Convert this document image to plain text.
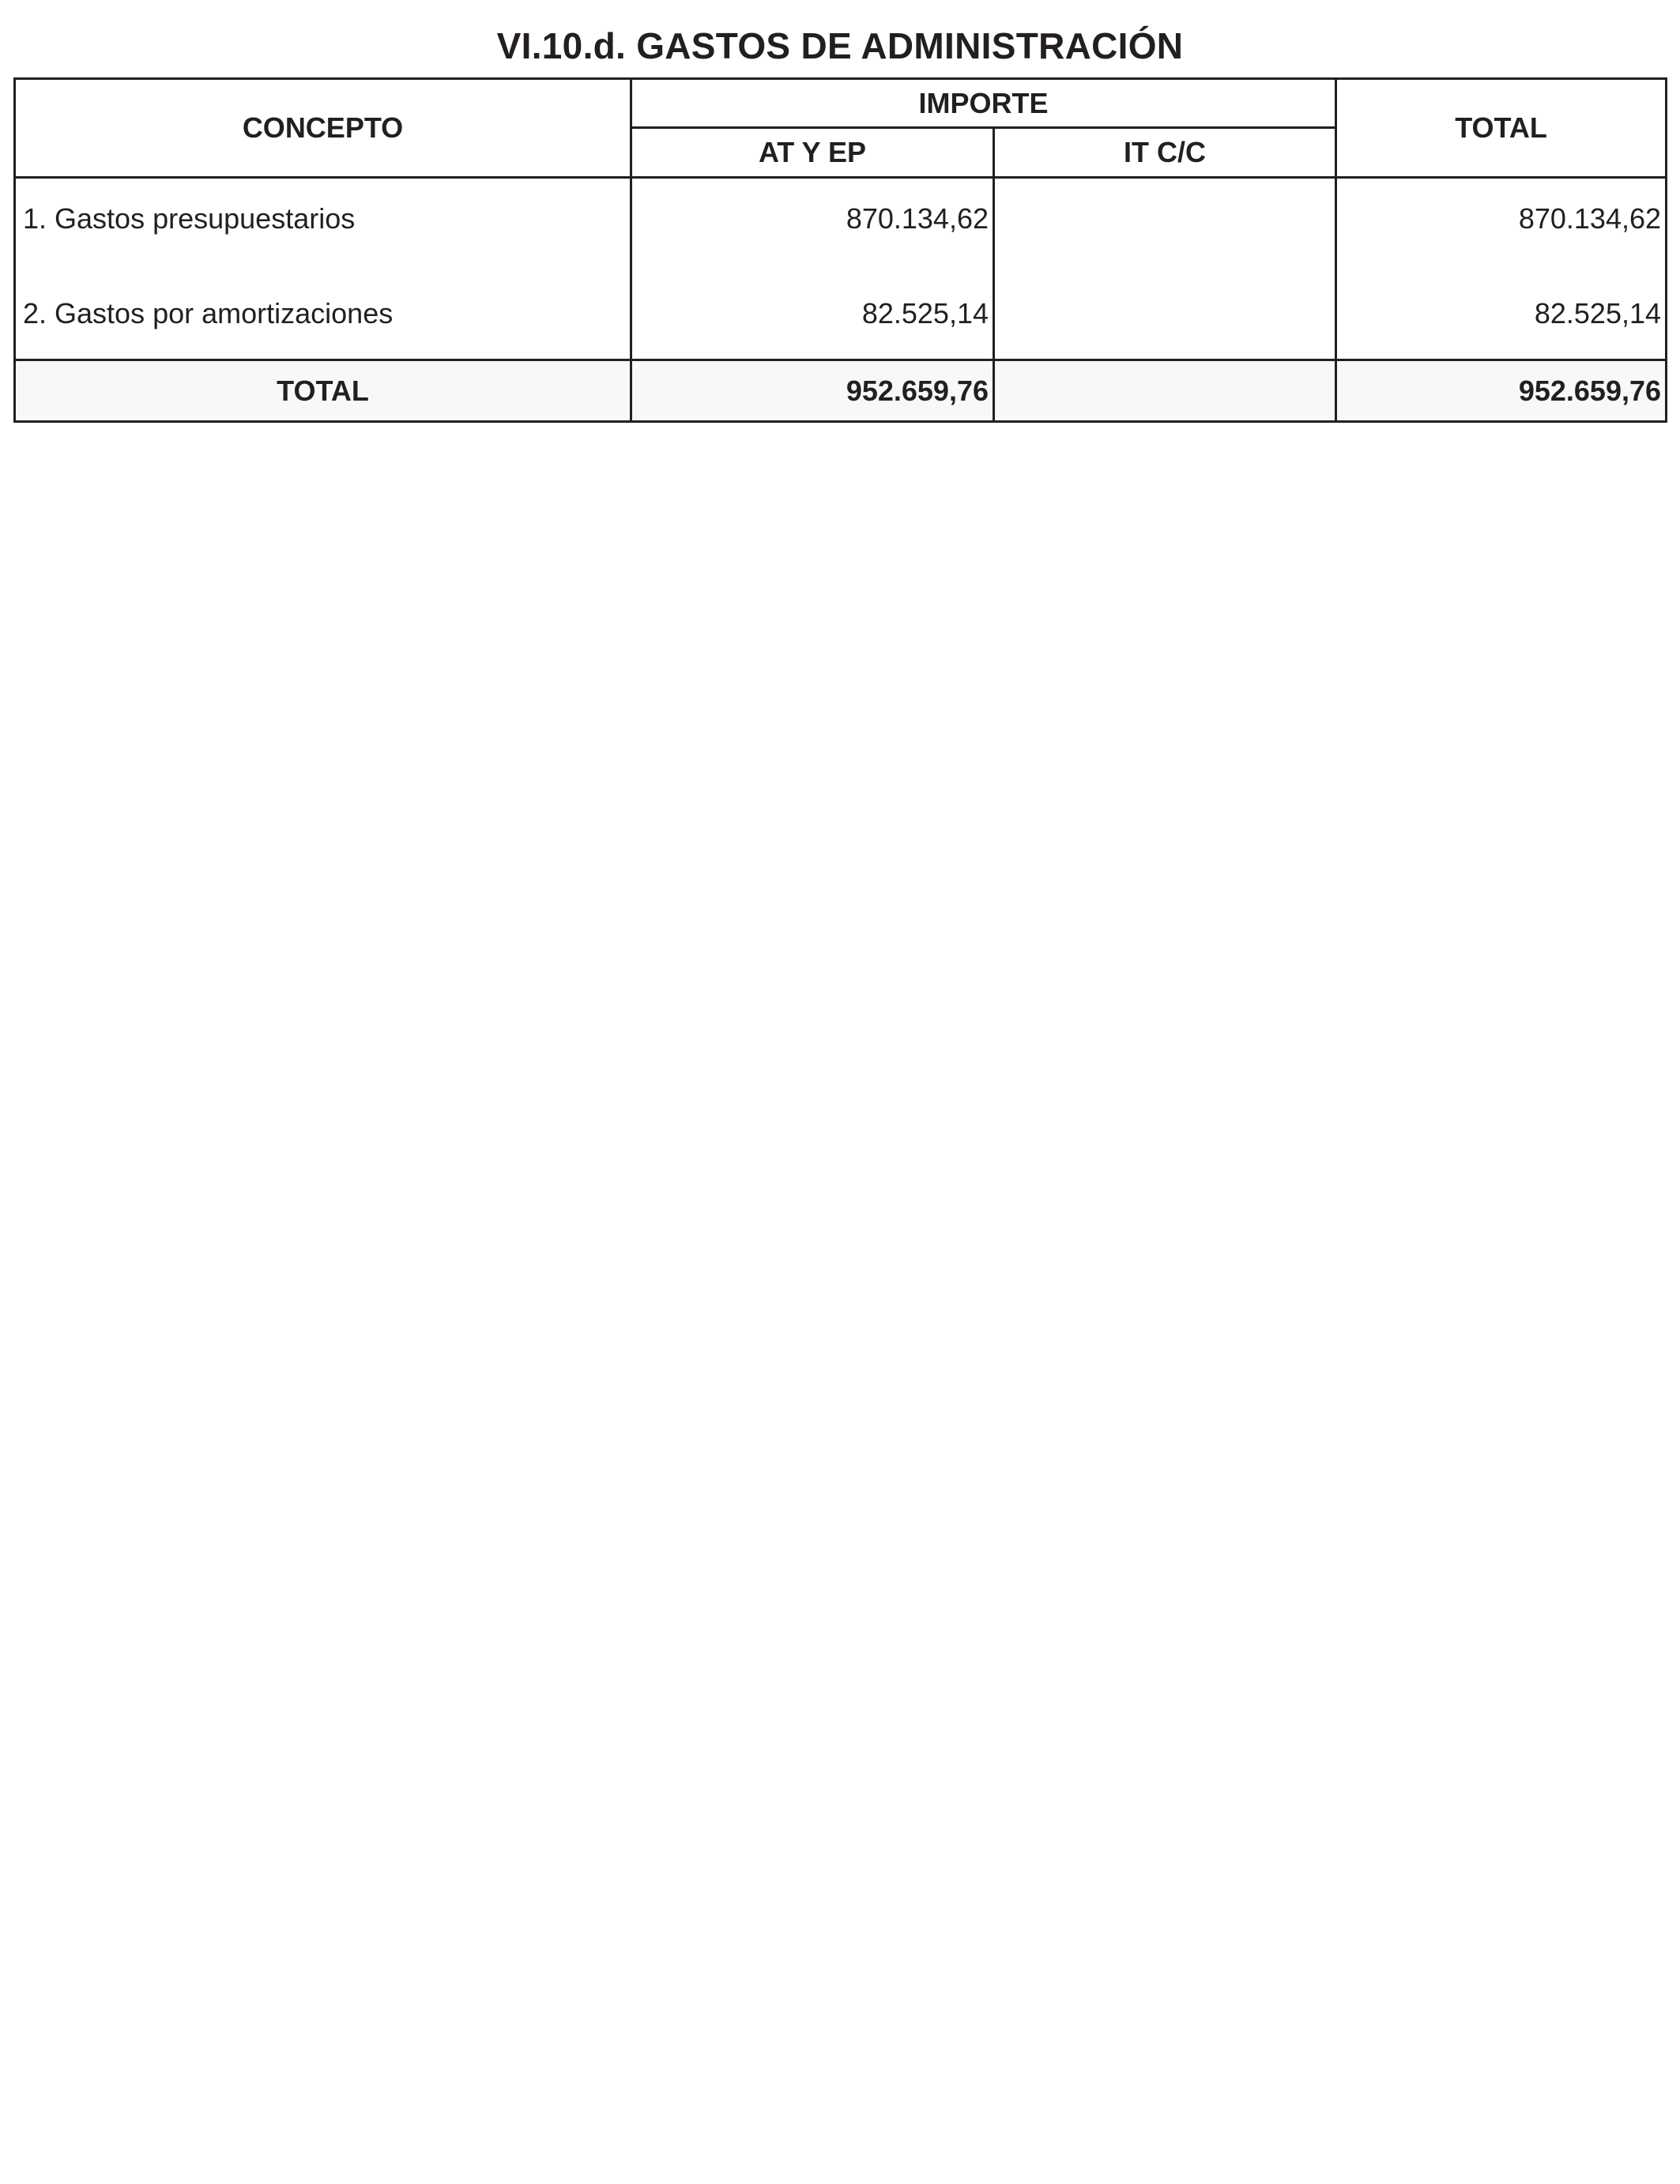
VI.10.d. GASTOS DE ADMINISTRACIÓN
CONCEPTO	IMPORTE		TOTAL
	AT Y EP	IT C/C	
1. Gastos presupuestarios	870.134,62		870.134,62
2. Gastos por amortizaciones	82.525,14		82.525,14
TOTAL	952.659,76		952.659,76
